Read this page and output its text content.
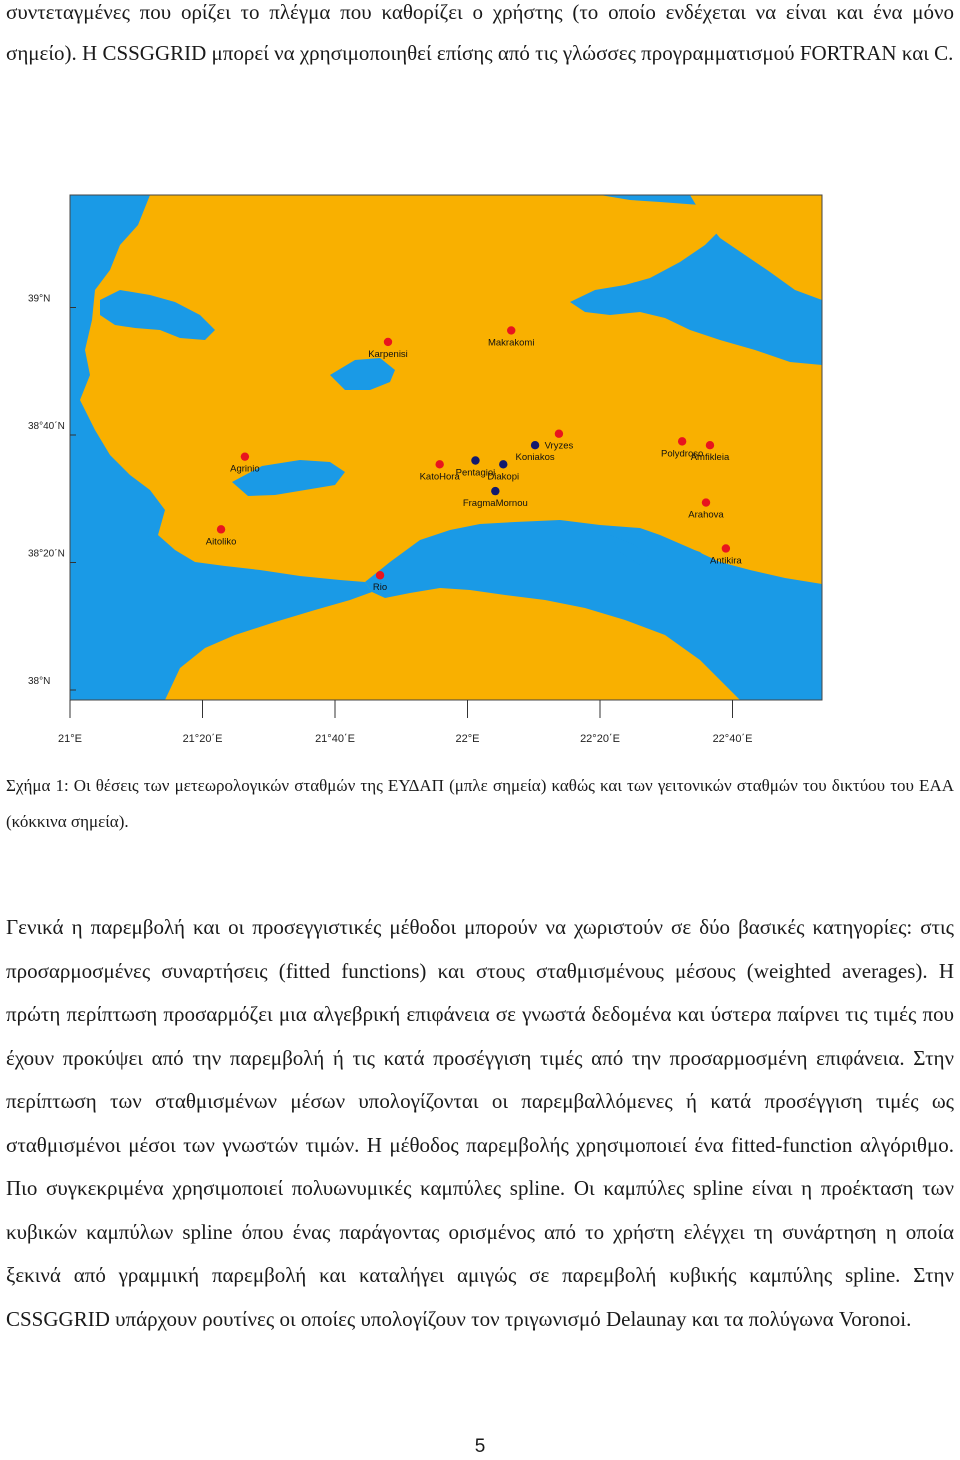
συντεταγμένες που ορίζει το πλέγμα που καθορίζει ο χρήστης (το οποίο ενδέχεται να είναι και ένα μόνο σημείο). Η CSSGGRID μπορεί να χρησιμοποιηθεί επίσης από τις γλώσσες προγραμματισμού FORTRAN και C.

39°N
38°40΄N
38°20΄N
38°N
21°E	21°20΄E	21°40΄E	22°E	22°20΄E	22°40΄E
Makrakomi
Karpenisi
Vryzes
Pentagioi
Koniakos
KatoHora	Diakopi
FragmaMornou
Polydroso
Amfikleia
Agrinio
Arahova
Aitoliko
Antikira
Rio

Σχήμα 1: Οι θέσεις των μετεωρολογικών σταθμών της ΕΥΔΑΠ (μπλε σημεία) καθώς και των γειτονικών σταθμών του δικτύου του ΕΑΑ (κόκκινα σημεία).

Γενικά η παρεμβολή και οι προσεγγιστικές μέθοδοι μπορούν να χωριστούν σε δύο βασικές κατηγορίες: στις προσαρμοσμένες συναρτήσεις (fitted functions) και στους σταθμισμένους μέσους (weighted averages). Η πρώτη περίπτωση προσαρμόζει μια αλγεβρική επιφάνεια σε γνωστά δεδομένα και ύστερα παίρνει τις τιμές που έχουν προκύψει από την παρεμβολή ή τις κατά προσέγγιση τιμές από την προσαρμοσμένη επιφάνεια. Στην περίπτωση των σταθμισμένων μέσων υπολογίζονται οι παρεμβαλλόμενες ή κατά προσέγγιση τιμές ως σταθμισμένοι μέσοι των γνωστών τιμών. Η μέθοδος παρεμβολής χρησιμοποιεί ένα fitted-function αλγόριθμο. Πιο συγκεκριμένα χρησιμοποιεί πολυωνυμικές καμπύλες spline. Οι καμπύλες spline είναι η προέκταση των κυβικών καμπύλων spline όπου ένας παράγοντας ορισμένος από το χρήστη ελέγχει τη συνάρτηση η οποία ξεκινά από γραμμική παρεμβολή και καταλήγει αμιγώς σε παρεμβολή κυβικής καμπύλης spline. Στην CSSGGRID υπάρχουν ρουτίνες οι οποίες υπολογίζουν τον τριγωνισμό Delaunay και τα πολύγωνα Voronoi.

5
